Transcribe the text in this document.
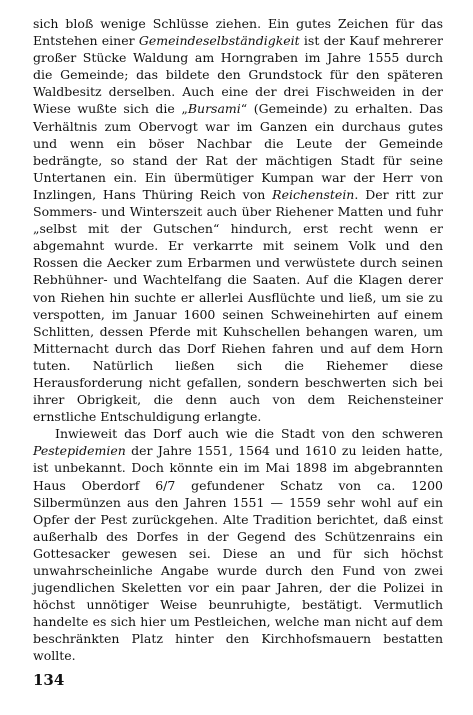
sich bloß wenige Schlüsse ziehen. Ein gutes Zeichen für das Entstehen einer Gemeindeselbständigkeit ist der Kauf mehrerer großer Stücke Waldung am Horngraben im Jahre 1555 durch die Gemeinde; das bildete den Grundstock für den späteren Waldbesitz derselben. Auch eine der drei Fischweiden in der Wiese wußte sich die „Bursami“ (Gemeinde) zu erhalten. Das Verhältnis zum Obervogt war im Ganzen ein durchaus gutes und wenn ein böser Nachbar die Leute der Gemeinde bedrängte, so stand der Rat der mächtigen Stadt für seine Untertanen ein. Ein übermütiger Kumpan war der Herr von Inzlingen, Hans Thüring Reich von Reichenstein. Der ritt zur Sommers- und Winterszeit auch über Riehener Matten und fuhr „selbst mit der Gutschen“ hindurch, erst recht wenn er abgemahnt wurde. Er verkarrte mit seinem Volk und den Rossen die Aecker zum Erbarmen und verwüstete durch seinen Rebhühner- und Wachtelfang die Saaten. Auf die Klagen derer von Riehen hin suchte er allerlei Ausflüchte und ließ, um sie zu verspotten, im Januar 1600 seinen Schweinehirten auf einem Schlitten, dessen Pferde mit Kuhschellen behangen waren, um Mitternacht durch das Dorf Riehen fahren und auf dem Horn tuten. Natürlich ließen sich die Riehemer diese Herausforderung nicht gefallen, sondern beschwerten sich bei ihrer Obrigkeit, die denn auch von dem Reichensteiner ernstliche Entschuldigung erlangte.

Inwieweit das Dorf auch wie die Stadt von den schweren Pestepidemien der Jahre 1551, 1564 und 1610 zu leiden hatte, ist unbekannt. Doch könnte ein im Mai 1898 im abgebrannten Haus Oberdorf 6/7 gefundener Schatz von ca. 1200 Silbermünzen aus den Jahren 1551 — 1559 sehr wohl auf ein Opfer der Pest zurückgehen. Alte Tradition berichtet, daß einst außerhalb des Dorfes in der Gegend des Schützenrains ein Gottesacker gewesen sei. Diese an und für sich höchst unwahrscheinliche Angabe wurde durch den Fund von zwei jugendlichen Skeletten vor ein paar Jahren, der die Polizei in höchst unnötiger Weise beunruhigte, bestätigt. Vermutlich handelte es sich hier um Pestleichen, welche man nicht auf dem beschränkten Platz hinter den Kirchhofsmauern bestatten wollte.

134
